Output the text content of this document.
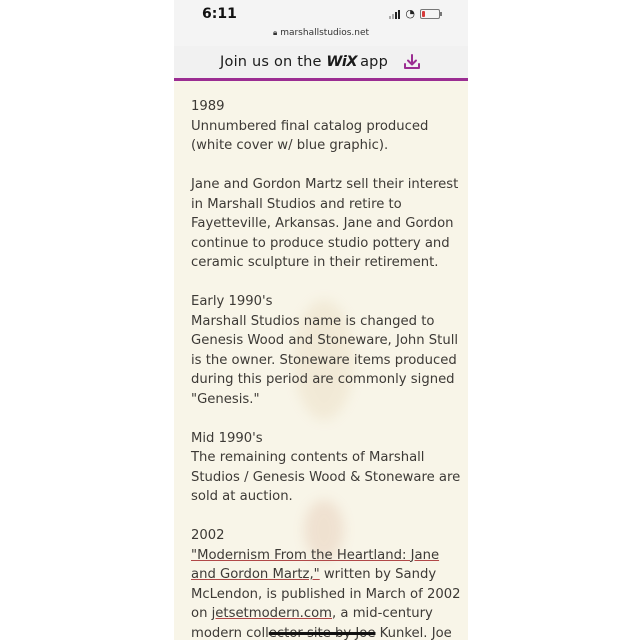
6:11	◔
🔒︎ marshallstudios.net
Join us on the WiX app

1989

Unnumbered final catalog produced (white cover w/ blue graphic).

Jane and Gordon Martz sell their interest in Marshall Studios and retire to Fayetteville, Arkansas. Jane and Gordon continue to produce studio pottery and ceramic sculpture in their retirement.

Early 1990's

Marshall Studios name is changed to Genesis Wood and Stoneware, John Stull is the owner. Stoneware items produced during this period are commonly signed "Genesis."

Mid 1990's

The remaining contents of Marshall Studios / Genesis Wood & Stoneware are sold at auction.

2002

"Modernism From the Heartland: Jane and Gordon Martz," written by Sandy McLendon, is published in March of 2002 on jetsetmodern.com, a mid-century modern collector site by Joe Kunkel. Joe
